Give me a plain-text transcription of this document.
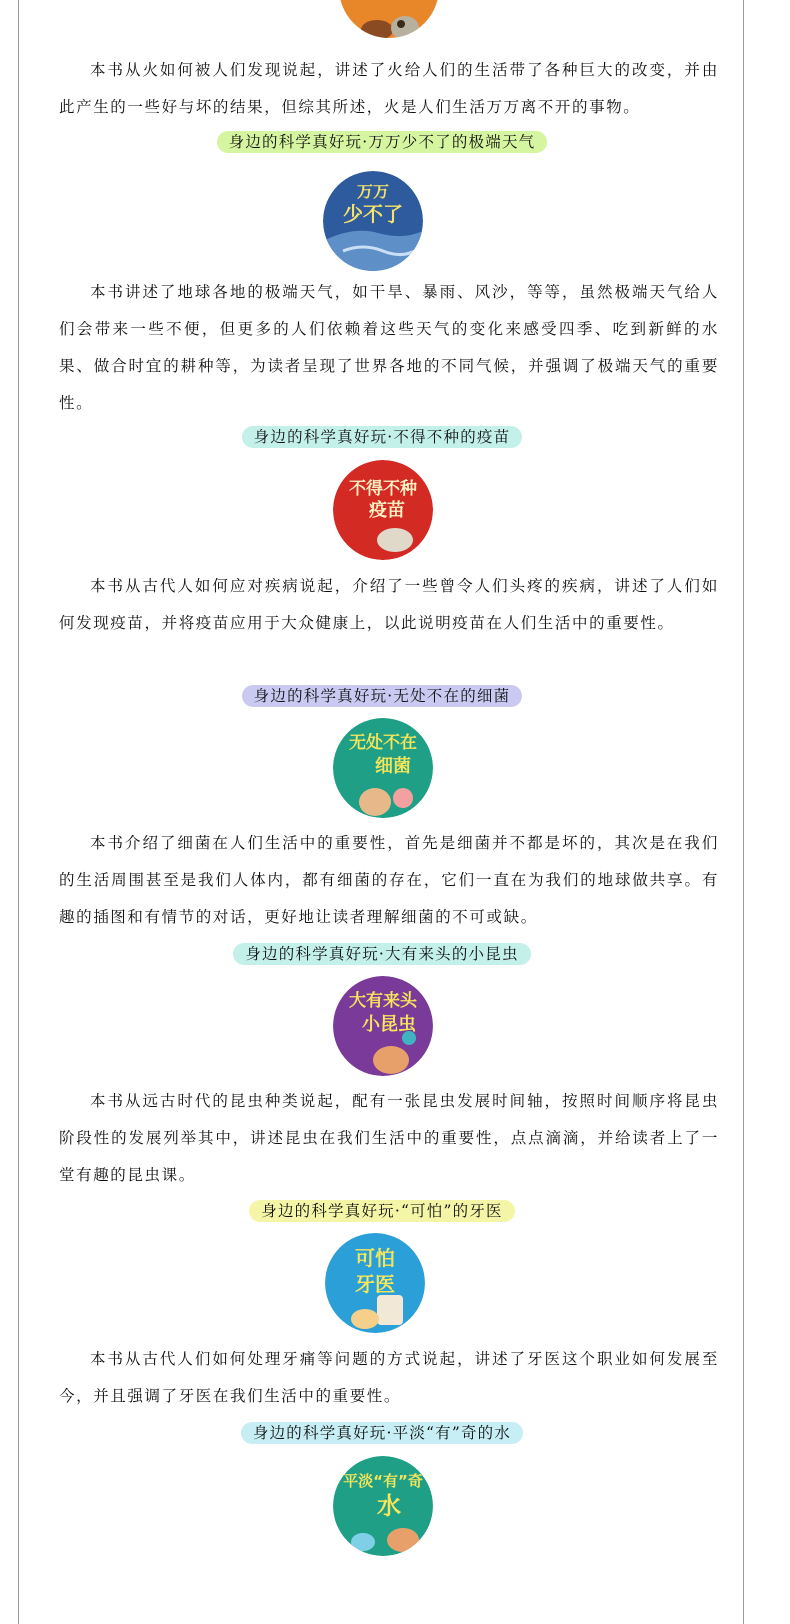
本书从火如何被人们发现说起，讲述了火给人们的生活带了各种巨大的改变，并由此产生的一些好与坏的结果，但综其所述，火是人们生活万万离不开的事物。

身边的科学真好玩·万万少不了的极端天气
万万
少不了

本书讲述了地球各地的极端天气，如干旱、暴雨、风沙，等等，虽然极端天气给人们会带来一些不便，但更多的人们依赖着这些天气的变化来感受四季、吃到新鲜的水果、做合时宜的耕种等，为读者呈现了世界各地的不同气候，并强调了极端天气的重要性。

身边的科学真好玩·不得不种的疫苗
不得不种
疫苗

本书从古代人如何应对疾病说起，介绍了一些曾令人们头疼的疾病，讲述了人们如何发现疫苗，并将疫苗应用于大众健康上，以此说明疫苗在人们生活中的重要性。

身边的科学真好玩·无处不在的细菌
无处不在
细菌

本书介绍了细菌在人们生活中的重要性，首先是细菌并不都是坏的，其次是在我们的生活周围甚至是我们人体内，都有细菌的存在，它们一直在为我们的地球做共享。有趣的插图和有情节的对话，更好地让读者理解细菌的不可或缺。

身边的科学真好玩·大有来头的小昆虫
大有来头
小昆虫

本书从远古时代的昆虫种类说起，配有一张昆虫发展时间轴，按照时间顺序将昆虫阶段性的发展列举其中，讲述昆虫在我们生活中的重要性，点点滴滴，并给读者上了一堂有趣的昆虫课。

身边的科学真好玩·“可怕”的牙医
可怕
牙医

本书从古代人们如何处理牙痛等问题的方式说起，讲述了牙医这个职业如何发展至今，并且强调了牙医在我们生活中的重要性。

身边的科学真好玩·平淡“有”奇的水
平淡“有”奇
水
